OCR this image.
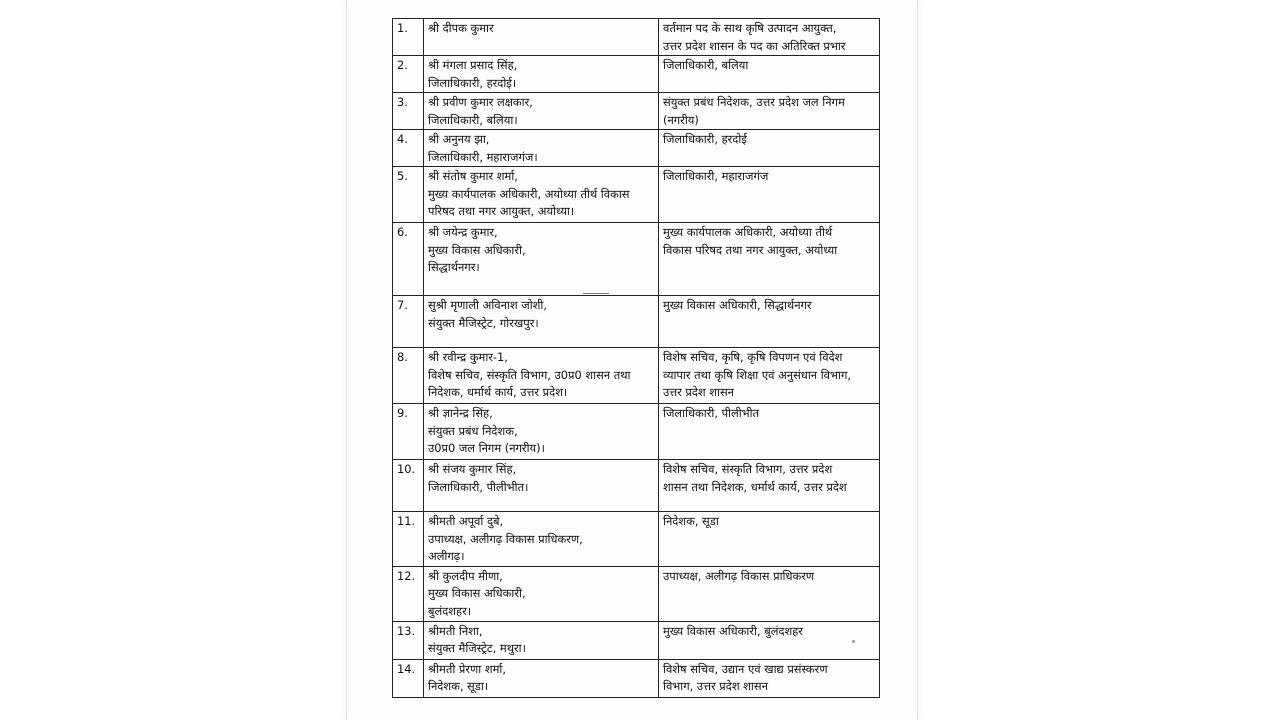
1.	श्री दीपक कुमार	वर्तमान पद के साथ कृषि उत्पादन आयुक्त,
उत्तर प्रदेश शासन के पद का अतिरिक्त प्रभार

2.	श्री मंगला प्रसाद सिंह,
जिलाधिकारी, हरदोई।	जिलाधिकारी, बलिया

3.	श्री प्रवीण कुमार लक्षकार,
जिलाधिकारी, बलिया।	संयुक्त प्रबंध निदेशक, उत्तर प्रदेश जल निगम
(नगरीय)

4.	श्री अनुनय झा,
जिलाधिकारी, महाराजगंज।	जिलाधिकारी, हरदोई

5.	श्री संतोष कुमार शर्मा,
मुख्य कार्यपालक अधिकारी, अयोध्या तीर्थ विकास
परिषद तथा नगर आयुक्त, अयोध्या।	जिलाधिकारी, महाराजगंज

6.	श्री जयेन्द्र कुमार,
मुख्य विकास अधिकारी,
सिद्धार्थनगर।	मुख्य कार्यपालक अधिकारी, अयोध्या तीर्थ
विकास परिषद तथा नगर आयुक्त, अयोध्या

7.	सुश्री मृणाली अविनाश जोशी,
संयुक्त मैजिस्ट्रेट, गोरखपुर।	मुख्य विकास अधिकारी, सिद्धार्थनगर

8.	श्री रवीन्द्र कुमार-1,
विशेष सचिव, संस्कृति विभाग, उ0प्र0 शासन तथा
निदेशक, धर्मार्थ कार्य, उत्तर प्रदेश।	विशेष सचिव, कृषि, कृषि विपणन एवं विदेश
व्यापार तथा कृषि शिक्षा एवं अनुसंधान विभाग,
उत्तर प्रदेश शासन

9.	श्री ज्ञानेन्द्र सिंह,
संयुक्त प्रबंध निदेशक,
उ0प्र0 जल निगम (नगरीय)।	जिलाधिकारी, पीलीभीत

10.	श्री संजय कुमार सिंह,
जिलाधिकारी, पीलीभीत।	विशेष सचिव, संस्कृति विभाग, उत्तर प्रदेश
शासन तथा निदेशक, धर्मार्थ कार्य, उत्तर प्रदेश

11.	श्रीमती अपूर्वा दुबे,
उपाध्यक्ष, अलीगढ़ विकास प्राधिकरण,
अलीगढ़।	निदेशक, सूडा

12.	श्री कुलदीप मीणा,
मुख्य विकास अधिकारी,
बुलंदशहर।	उपाध्यक्ष, अलीगढ़ विकास प्राधिकरण

13.	श्रीमती निशा,
संयुक्त मैजिस्ट्रेट, मथुरा।	मुख्य विकास अधिकारी, बुलंदशहर

14.	श्रीमती प्रेरणा शर्मा,
निदेशक, सूडा।	विशेष सचिव, उद्यान एवं खाद्य प्रसंस्करण
विभाग, उत्तर प्रदेश शासन
